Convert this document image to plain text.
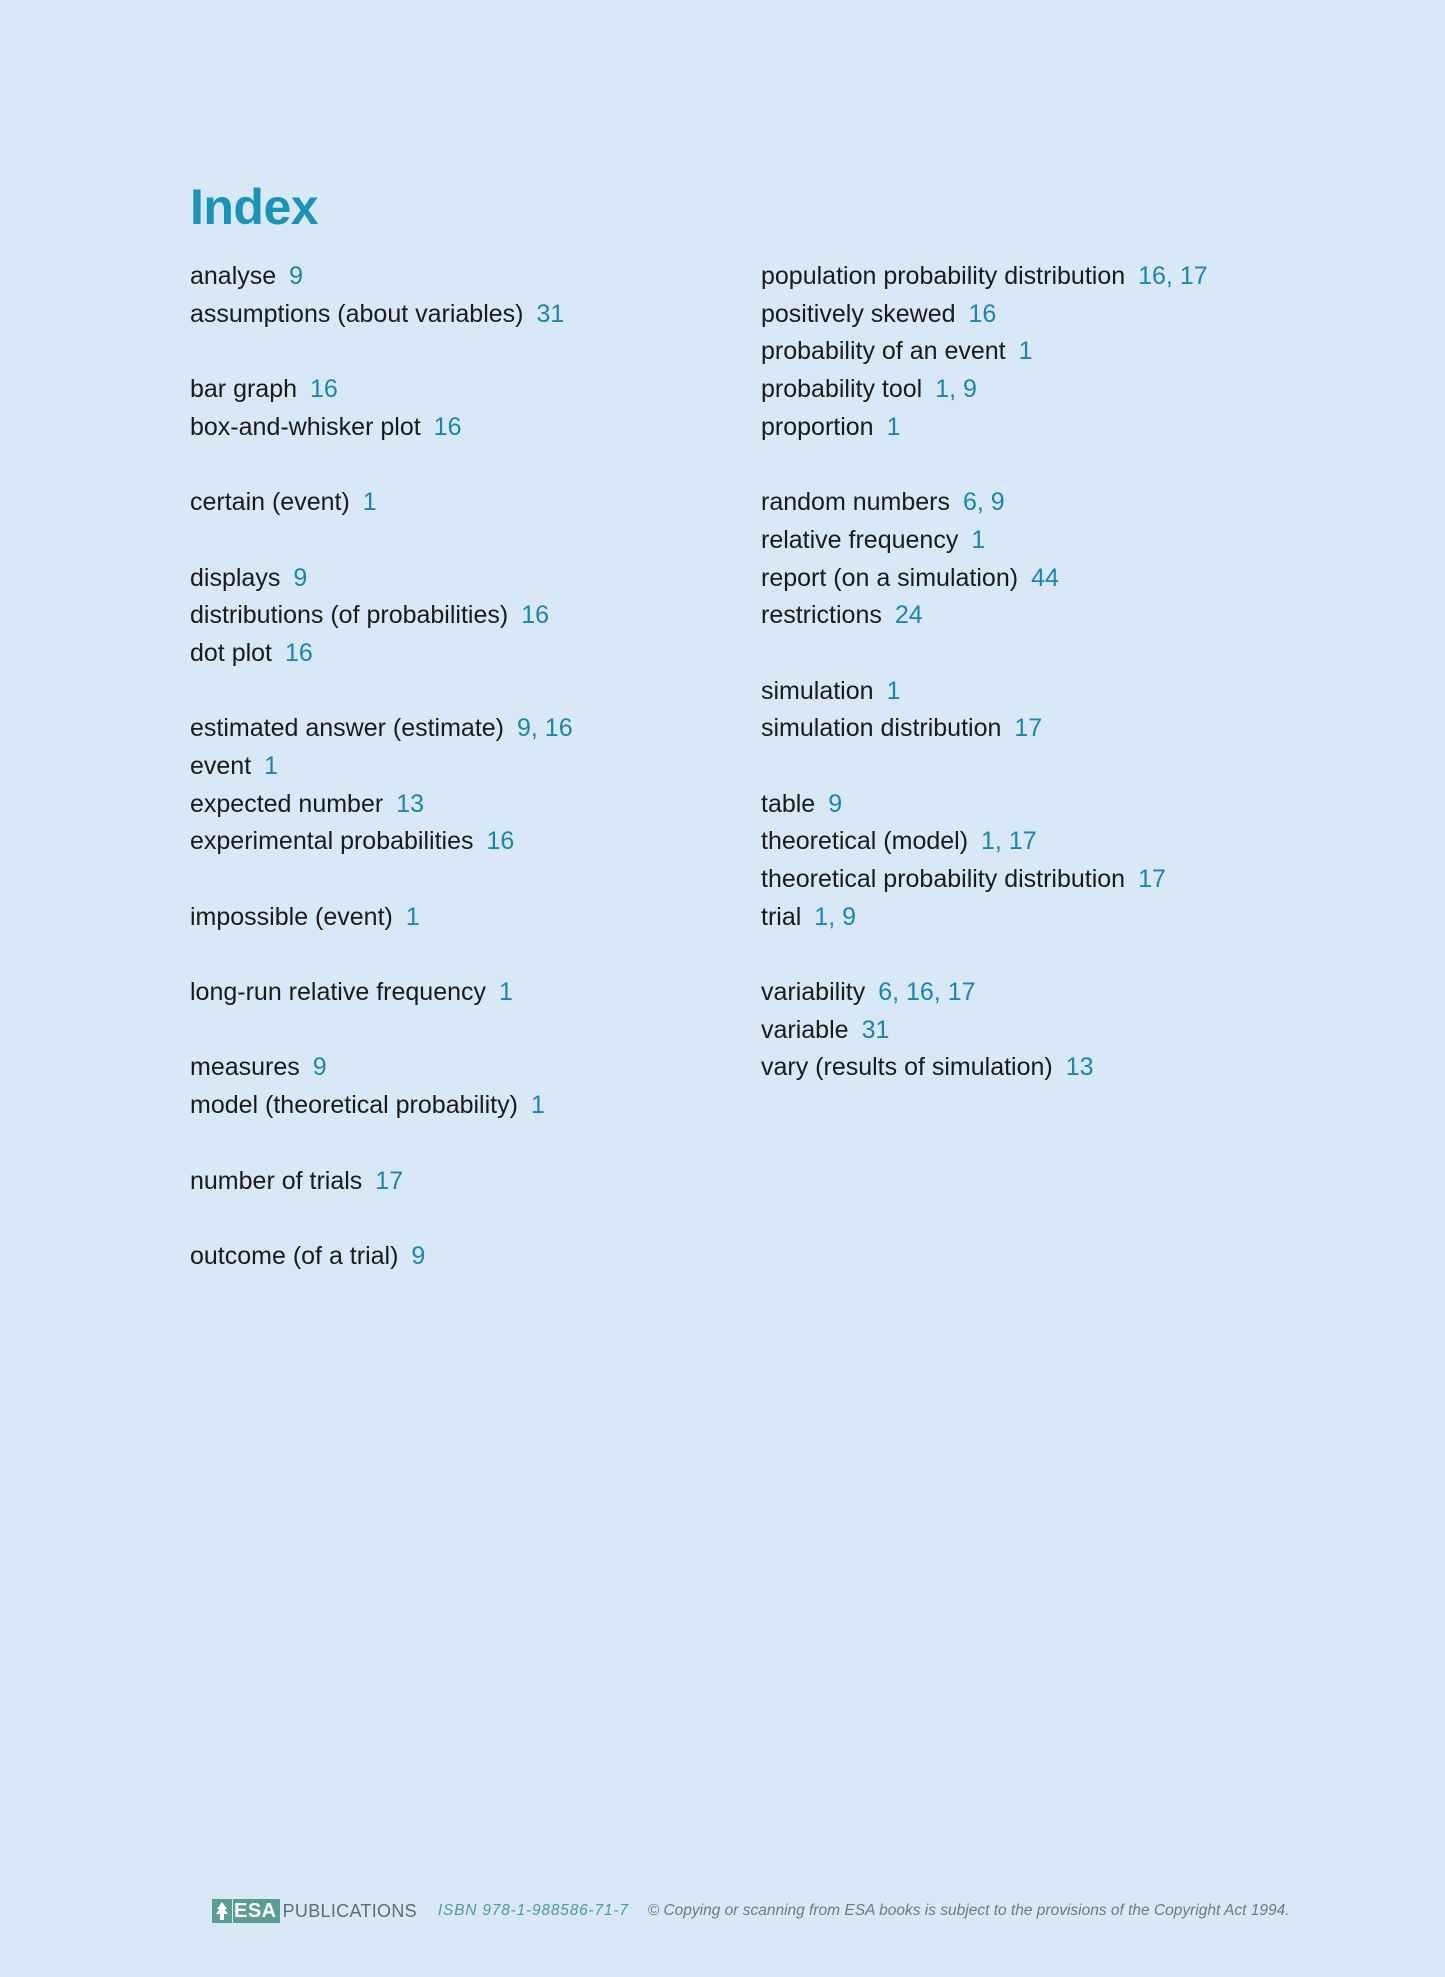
Index
analyse 9
assumptions (about variables) 31
bar graph 16
box-and-whisker plot 16
certain (event) 1
displays 9
distributions (of probabilities) 16
dot plot 16
estimated answer (estimate) 9, 16
event 1
expected number 13
experimental probabilities 16
impossible (event) 1
long-run relative frequency 1
measures 9
model (theoretical probability) 1
number of trials 17
outcome (of a trial) 9
population probability distribution 16, 17
positively skewed 16
probability of an event 1
probability tool 1, 9
proportion 1
random numbers 6, 9
relative frequency 1
report (on a simulation) 44
restrictions 24
simulation 1
simulation distribution 17
table 9
theoretical (model) 1, 17
theoretical probability distribution 17
trial 1, 9
variability 6, 16, 17
variable 31
vary (results of simulation) 13
ESA PUBLICATIONS ISBN 978-1-988586-71-7 © Copying or scanning from ESA books is subject to the provisions of the Copyright Act 1994.
